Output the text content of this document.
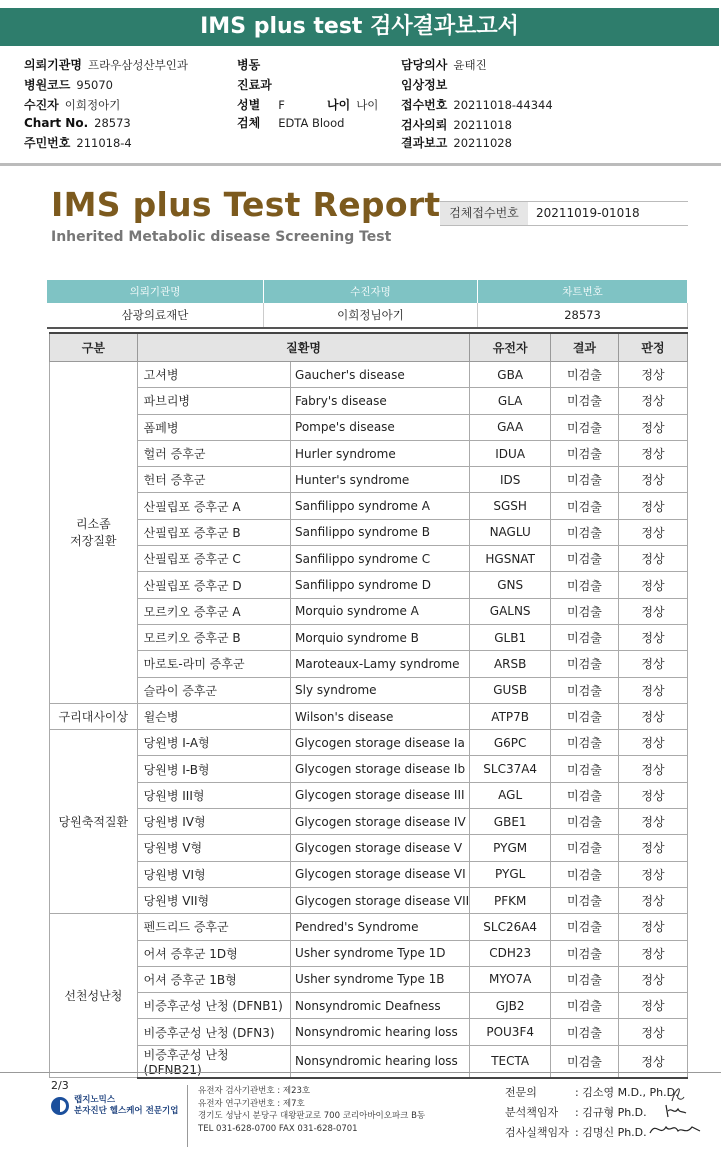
IMS plus test 검사결과보고서
의뢰기관명 프라우삼성산부인과
병원코드 95070
수진자 이희정아기
Chart No. 28573
주민번호 211018-4
병동
진료과
성별 F	나이 나이
검체 EDTA Blood
담당의사 윤태진
임상정보
접수번호 20211018-44344
검사의뢰 20211018
결과보고 20211028
IMS plus Test Report
Inherited Metabolic disease Screening Test
검체접수번호	20211019-01018
의뢰기관명	수진자명	차트번호
삼광의료재단	이희정님아기	28573
구분	질환명		유전자	결과	판정
리소좀
저장질환	고셔병	Gaucher's disease	GBA	미검출	정상
	파브리병	Fabry's disease	GLA	미검출	정상
	폼페병	Pompe's disease	GAA	미검출	정상
	헐러 증후군	Hurler syndrome	IDUA	미검출	정상
	헌터 증후군	Hunter's syndrome	IDS	미검출	정상
	산필립포 증후군 A	Sanfilippo syndrome A	SGSH	미검출	정상
	산필립포 증후군 B	Sanfilippo syndrome B	NAGLU	미검출	정상
	산필립포 증후군 C	Sanfilippo syndrome C	HGSNAT	미검출	정상
	산필립포 증후군 D	Sanfilippo syndrome D	GNS	미검출	정상
	모르키오 증후군 A	Morquio syndrome A	GALNS	미검출	정상
	모르키오 증후군 B	Morquio syndrome B	GLB1	미검출	정상
	마로토-라미 증후군	Maroteaux-Lamy syndrome	ARSB	미검출	정상
	슬라이 증후군	Sly syndrome	GUSB	미검출	정상
구리대사이상	윌슨병	Wilson's disease	ATP7B	미검출	정상
당원축적질환	당원병 I-A형	Glycogen storage disease Ia	G6PC	미검출	정상
	당원병 I-B형	Glycogen storage disease Ib	SLC37A4	미검출	정상
	당원병 III형	Glycogen storage disease III	AGL	미검출	정상
	당원병 IV형	Glycogen storage disease IV	GBE1	미검출	정상
	당원병 V형	Glycogen storage disease V	PYGM	미검출	정상
	당원병 VI형	Glycogen storage disease VI	PYGL	미검출	정상
	당원병 VII형	Glycogen storage disease VII	PFKM	미검출	정상
선천성난청	펜드리드 증후군	Pendred's Syndrome	SLC26A4	미검출	정상
	어셔 증후군 1D형	Usher syndrome Type 1D	CDH23	미검출	정상
	어셔 증후군 1B형	Usher syndrome Type 1B	MYO7A	미검출	정상
	비증후군성 난청 (DFNB1)	Nonsyndromic Deafness	GJB2	미검출	정상
	비증후군성 난청 (DFN3)	Nonsyndromic hearing loss	POU3F4	미검출	정상
	비증후군성 난청 (DFNB21)	Nonsyndromic hearing loss	TECTA	미검출	정상
2/3
랩지노믹스
분자진단 헬스케어 전문기업
유전자 검사기관번호 : 제23호
유전자 연구기관번호 : 제7호
경기도 성남시 분당구 대왕판교로 700 코리아바이오파크 B동
TEL 031-628-0700 FAX 031-628-0701
전문의	: 김소영 M.D., Ph.D.
분석책임자 : 김규형 Ph.D.
검사실책임자 : 김명신 Ph.D.
